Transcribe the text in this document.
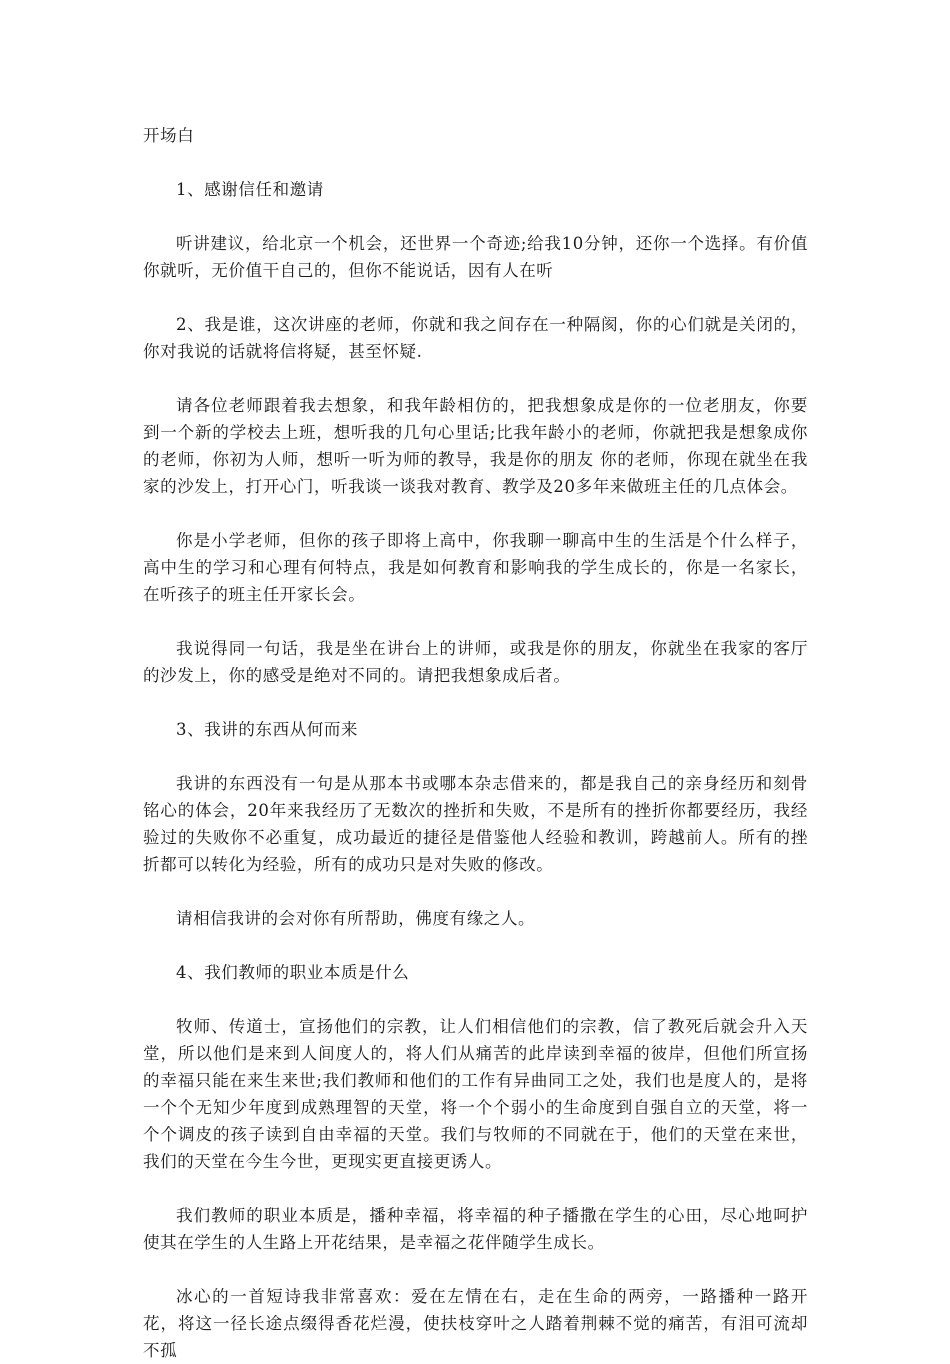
开场白

1、感谢信任和邀请

听讲建议，给北京一个机会，还世界一个奇迹;给我10分钟，还你一个选择。有价值你就听，无价值干自己的，但你不能说话，因有人在听

2、我是谁，这次讲座的老师，你就和我之间存在一种隔阂，你的心们就是关闭的，你对我说的话就将信将疑，甚至怀疑.

请各位老师跟着我去想象，和我年龄相仿的，把我想象成是你的一位老朋友，你要到一个新的学校去上班，想听我的几句心里话;比我年龄小的老师，你就把我是想象成你的老师，你初为人师，想听一听为师的教导，我是你的朋友 你的老师，你现在就坐在我家的沙发上，打开心门，听我谈一谈我对教育、教学及20多年来做班主任的几点体会。

你是小学老师，但你的孩子即将上高中，你我聊一聊高中生的生活是个什么样子，高中生的学习和心理有何特点，我是如何教育和影响我的学生成长的，你是一名家长，在听孩子的班主任开家长会。

我说得同一句话，我是坐在讲台上的讲师，或我是你的朋友，你就坐在我家的客厅的沙发上，你的感受是绝对不同的。请把我想象成后者。

3、我讲的东西从何而来

我讲的东西没有一句是从那本书或哪本杂志借来的，都是我自己的亲身经历和刻骨铭心的体会，20年来我经历了无数次的挫折和失败，不是所有的挫折你都要经历，我经验过的失败你不必重复，成功最近的捷径是借鉴他人经验和教训，跨越前人。所有的挫折都可以转化为经验，所有的成功只是对失败的修改。

请相信我讲的会对你有所帮助，佛度有缘之人。

4、我们教师的职业本质是什么

牧师、传道士，宣扬他们的宗教，让人们相信他们的宗教，信了教死后就会升入天堂，所以他们是来到人间度人的，将人们从痛苦的此岸读到幸福的彼岸，但他们所宣扬的幸福只能在来生来世;我们教师和他们的工作有异曲同工之处，我们也是度人的，是将一个个无知少年度到成熟理智的天堂，将一个个弱小的生命度到自强自立的天堂，将一个个调皮的孩子读到自由幸福的天堂。我们与牧师的不同就在于，他们的天堂在来世，我们的天堂在今生今世，更现实更直接更诱人。

我们教师的职业本质是，播种幸福，将幸福的种子播撒在学生的心田，尽心地呵护使其在学生的人生路上开花结果，是幸福之花伴随学生成长。

冰心的一首短诗我非常喜欢：爱在左情在右，走在生命的两旁，一路播种一路开花，将这一径长途点缀得香花烂漫，使扶枝穿叶之人踏着荆棘不觉的痛苦，有泪可流却不孤
